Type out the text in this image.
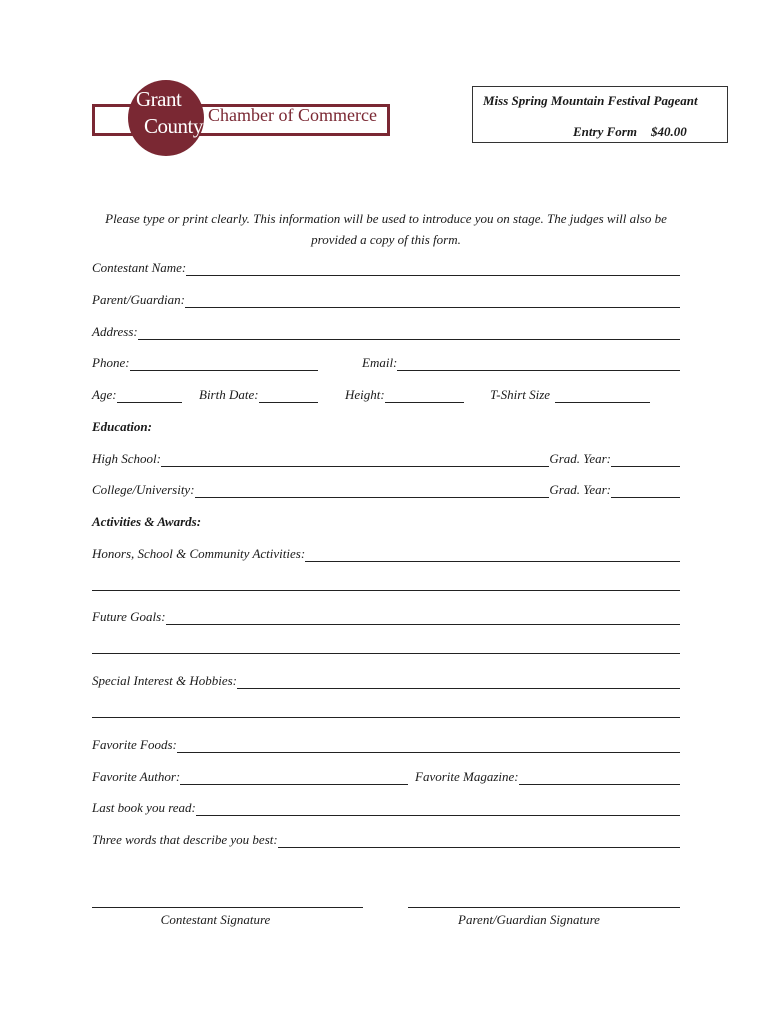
Grant
County Chamber of Commerce
Miss Spring Mountain Festival Pageant
Entry Form $40.00
Please type or print clearly. This information will be used to introduce you on stage. The judges will also be provided a copy of this form.
Contestant Name:
Parent/Guardian:
Address:
Phone:	Email:
Age:	Birth Date:	Height:	T-Shirt Size
Education:
High School:	Grad. Year:
College/University:	Grad. Year:
Activities & Awards:
Honors, School & Community Activities:
Future Goals:
Special Interest & Hobbies:
Favorite Foods:
Favorite Author:	Favorite Magazine:
Last book you read:
Three words that describe you best:
Contestant Signature	Parent/Guardian Signature
